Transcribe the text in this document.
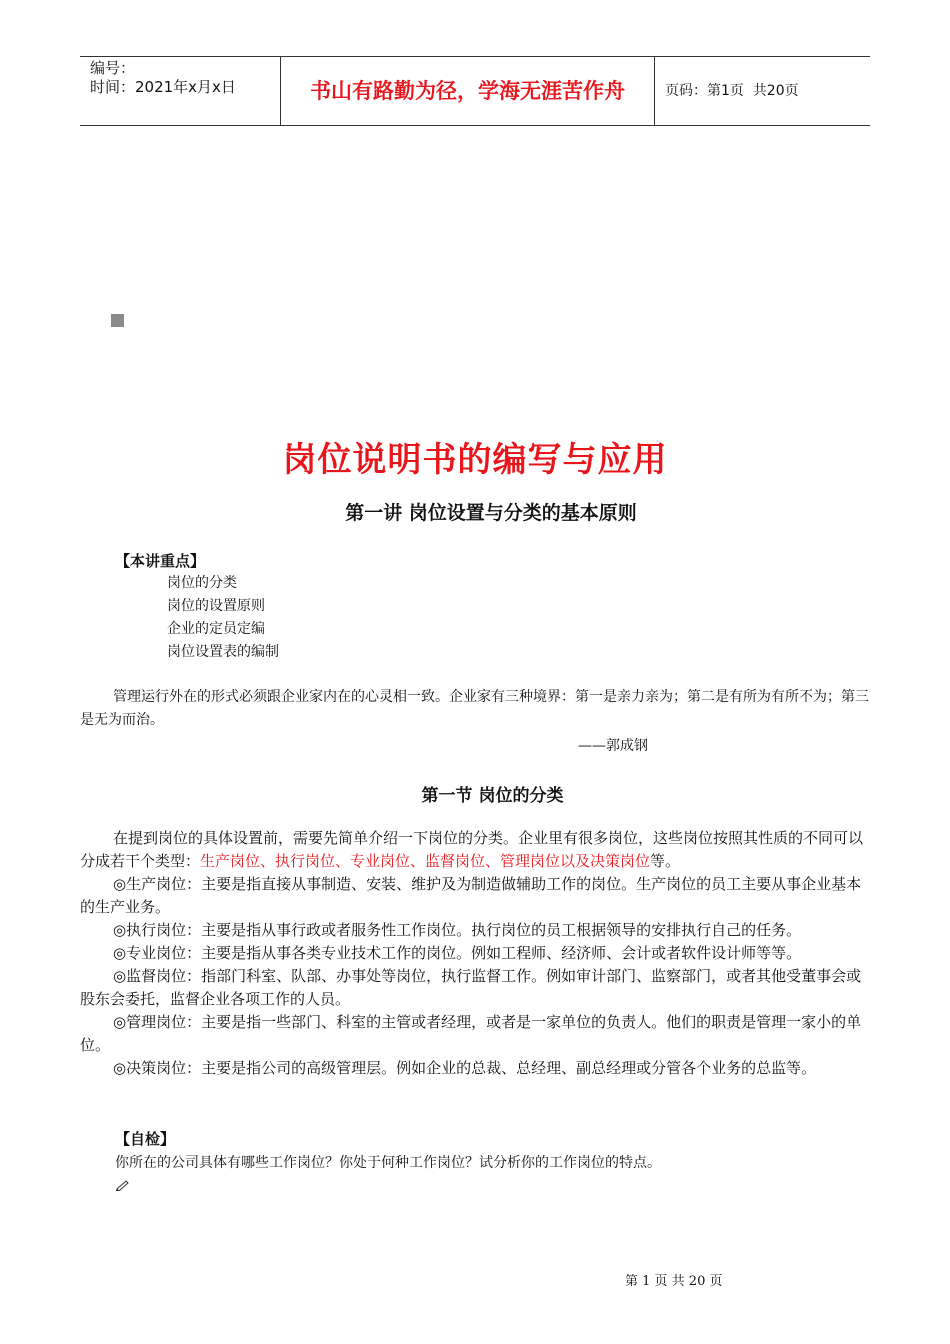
编号：
时间：2021年x月x日	书山有路勤为径，学海无涯苦作舟	页码：第1页  共20页
岗位说明书的编写与应用
第一讲 岗位设置与分类的基本原则
【本讲重点】
岗位的分类
岗位的设置原则
企业的定员定编
岗位设置表的编制

管理运行外在的形式必须跟企业家内在的心灵相一致。企业家有三种境界：第一是亲力亲为；第二是有所为有所不为；第三是无为而治。

——郭成钢
第一节 岗位的分类

在提到岗位的具体设置前，需要先简单介绍一下岗位的分类。企业里有很多岗位，这些岗位按照其性质的不同可以分成若干个类型：生产岗位、执行岗位、专业岗位、监督岗位、管理岗位以及决策岗位等。

◎生产岗位：主要是指直接从事制造、安装、维护及为制造做辅助工作的岗位。生产岗位的员工主要从事企业基本的生产业务。

◎执行岗位：主要是指从事行政或者服务性工作岗位。执行岗位的员工根据领导的安排执行自己的任务。

◎专业岗位：主要是指从事各类专业技术工作的岗位。例如工程师、经济师、会计或者软件设计师等等。

◎监督岗位：指部门科室、队部、办事处等岗位，执行监督工作。例如审计部门、监察部门，或者其他受董事会或股东会委托，监督企业各项工作的人员。

◎管理岗位：主要是指一些部门、科室的主管或者经理，或者是一家单位的负责人。他们的职责是管理一家小的单位。

◎决策岗位：主要是指公司的高级管理层。例如企业的总裁、总经理、副总经理或分管各个业务的总监等。

【自检】
你所在的公司具体有哪些工作岗位？你处于何种工作岗位？试分析你的工作岗位的特点。
第 1 页 共 20 页
